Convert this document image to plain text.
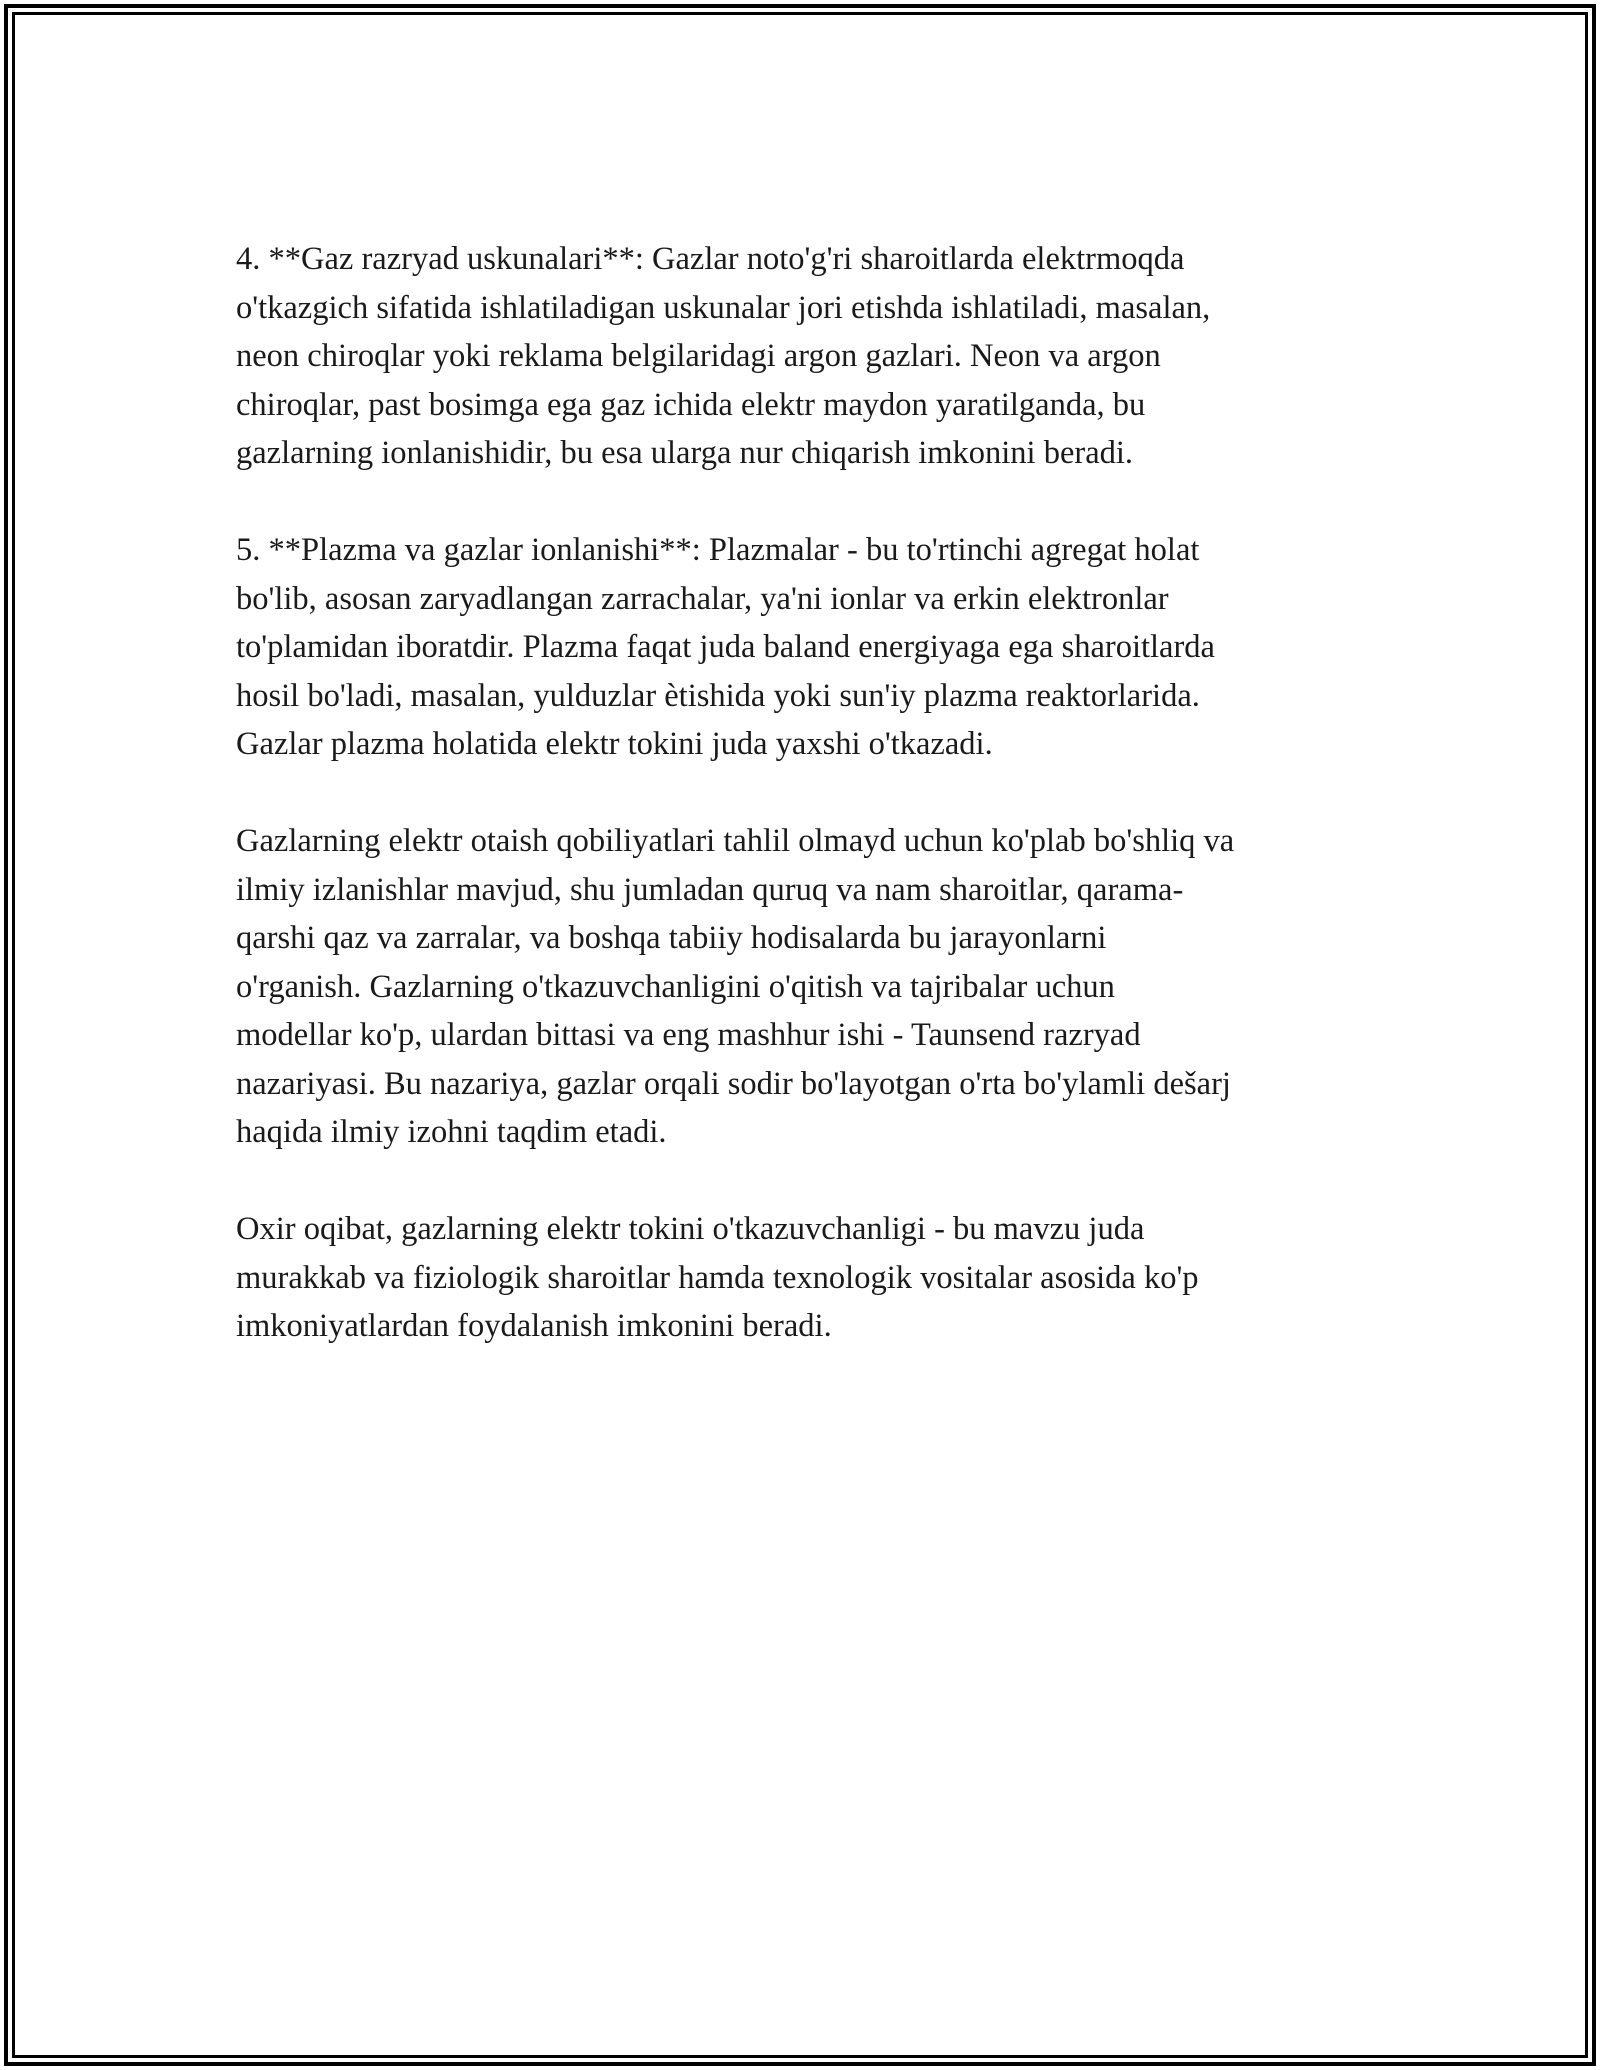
4. **Gaz razryad uskunalari**: Gazlar noto'g'ri sharoitlarda elektrmoqda
o'tkazgich sifatida ishlatiladigan uskunalar jori etishda ishlatiladi, masalan,
neon chiroqlar yoki reklama belgilaridagi argon gazlari. Neon va argon
chiroqlar, past bosimga ega gaz ichida elektr maydon yaratilganda, bu
gazlarning ionlanishidir, bu esa ularga nur chiqarish imkonini beradi.

5. **Plazma va gazlar ionlanishi**: Plazmalar - bu to'rtinchi agregat holat
bo'lib, asosan zaryadlangan zarrachalar, ya'ni ionlar va erkin elektronlar
to'plamidan iboratdir. Plazma faqat juda baland energiyaga ega sharoitlarda
hosil bo'ladi, masalan, yulduzlar ètishida yoki sun'iy plazma reaktorlarida.
Gazlar plazma holatida elektr tokini juda yaxshi o'tkazadi.

Gazlarning elektr otaish qobiliyatlari tahlil olmayd uchun ko'plab bo'shliq va
ilmiy izlanishlar mavjud, shu jumladan quruq va nam sharoitlar, qarama-
qarshi qaz va zarralar, va boshqa tabiiy hodisalarda bu jarayonlarni
o'rganish. Gazlarning o'tkazuvchanligini o'qitish va tajribalar uchun
modellar ko'p, ulardan bittasi va eng mashhur ishi - Taunsend razryad
nazariyasi. Bu nazariya, gazlar orqali sodir bo'layotgan o'rta bo'ylamli dešarj
haqida ilmiy izohni taqdim etadi.

Oxir oqibat, gazlarning elektr tokini o'tkazuvchanligi - bu mavzu juda
murakkab va fiziologik sharoitlar hamda texnologik vositalar asosida ko'p
imkoniyatlardan foydalanish imkonini beradi.
